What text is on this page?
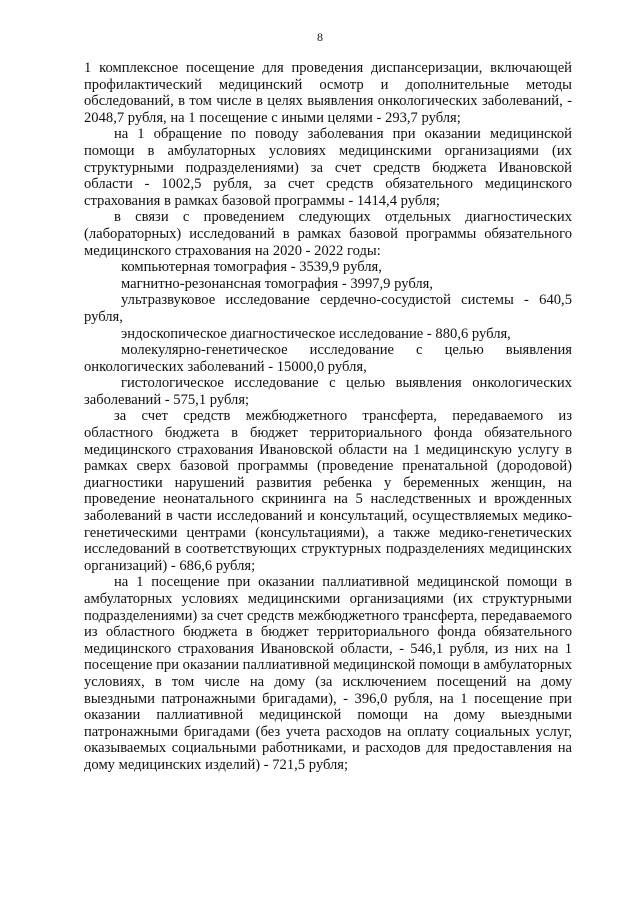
8

1 комплексное посещение для проведения диспансеризации, включающей профилактический медицинский осмотр и дополнительные методы обследований, в том числе в целях выявления онкологических заболеваний, - 2048,7 рубля, на 1 посещение с иными целями - 293,7 рубля;

на 1 обращение по поводу заболевания при оказании медицинской помощи в амбулаторных условиях медицинскими организациями (их структурными подразделениями) за счет средств бюджета Ивановской области - 1002,5 рубля, за счет средств обязательного медицинского страхования в рамках базовой программы - 1414,4 рубля;

в связи с проведением следующих отдельных диагностических (лабораторных) исследований в рамках базовой программы обязательного медицинского страхования на 2020 - 2022 годы:

компьютерная томография - 3539,9 рубля,

магнитно-резонансная томография - 3997,9 рубля,

ультразвуковое исследование сердечно-сосудистой системы - 640,5 рубля,

эндоскопическое диагностическое исследование - 880,6 рубля,

молекулярно-генетическое исследование с целью выявления онкологических заболеваний - 15000,0 рубля,

гистологическое исследование с целью выявления онкологических заболеваний - 575,1 рубля;

за счет средств межбюджетного трансферта, передаваемого из областного бюджета в бюджет территориального фонда обязательного медицинского страхования Ивановской области на 1 медицинскую услугу в рамках сверх базовой программы (проведение пренатальной (дородовой) диагностики нарушений развития ребенка у беременных женщин, на проведение неонатального скрининга на 5 наследственных и врожденных заболеваний в части исследований и консультаций, осуществляемых медико-генетическими центрами (консультациями), а также медико-генетических исследований в соответствующих структурных подразделениях медицинских организаций) - 686,6 рубля;

на 1 посещение при оказании паллиативной медицинской помощи в амбулаторных условиях медицинскими организациями (их структурными подразделениями) за счет средств межбюджетного трансферта, передаваемого из областного бюджета в бюджет территориального фонда обязательного медицинского страхования Ивановской области, - 546,1 рубля, из них на 1 посещение при оказании паллиативной медицинской помощи в амбулаторных условиях, в том числе на дому (за исключением посещений на дому выездными патронажными бригадами), - 396,0 рубля, на 1 посещение при оказании паллиативной медицинской помощи на дому выездными патронажными бригадами (без учета расходов на оплату социальных услуг, оказываемых социальными работниками, и расходов для предоставления на дому медицинских изделий) - 721,5 рубля;
